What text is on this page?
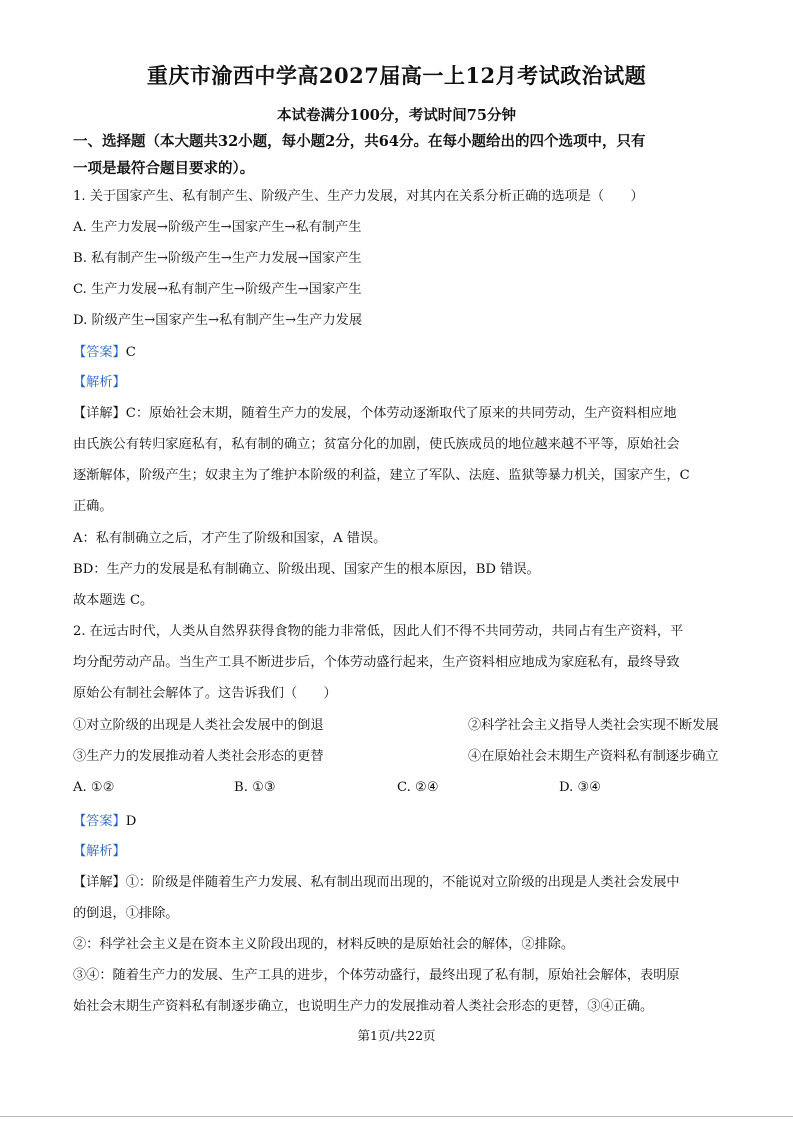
重庆市渝西中学高2027届高一上12月考试政治试题
本试卷满分100分，考试时间75分钟
一、选择题（本大题共32小题，每小题2分，共64分。在每小题给出的四个选项中，只有
一项是最符合题目要求的）。
1. 关于国家产生、私有制产生、阶级产生、生产力发展，对其内在关系分析正确的选项是（　　）
A. 生产力发展→阶级产生→国家产生→私有制产生
B. 私有制产生→阶级产生→生产力发展→国家产生
C. 生产力发展→私有制产生→阶级产生→国家产生
D. 阶级产生→国家产生→私有制产生→生产力发展
【答案】C
【解析】
【详解】C：原始社会末期，随着生产力的发展，个体劳动逐渐取代了原来的共同劳动，生产资料相应地
由氏族公有转归家庭私有，私有制的确立；贫富分化的加剧，使氏族成员的地位越来越不平等，原始社会
逐渐解体，阶级产生；奴隶主为了维护本阶级的利益，建立了军队、法庭、监狱等暴力机关，国家产生，C
正确。
A：私有制确立之后，才产生了阶级和国家，A 错误。
BD：生产力的发展是私有制确立、阶级出现、国家产生的根本原因，BD 错误。
故本题选 C。
2. 在远古时代，人类从自然界获得食物的能力非常低，因此人们不得不共同劳动，共同占有生产资料，平
均分配劳动产品。当生产工具不断进步后，个体劳动盛行起来，生产资料相应地成为家庭私有，最终导致
原始公有制社会解体了。这告诉我们（　　）
①对立阶级的出现是人类社会发展中的倒退	②科学社会主义指导人类社会实现不断发展
③生产力的发展推动着人类社会形态的更替	④在原始社会末期生产资料私有制逐步确立
A. ①②	B. ①③	C. ②④	D. ③④
【答案】D
【解析】
【详解】①：阶级是伴随着生产力发展、私有制出现而出现的，不能说对立阶级的出现是人类社会发展中
的倒退，①排除。
②：科学社会主义是在资本主义阶段出现的，材料反映的是原始社会的解体，②排除。
③④：随着生产力的发展、生产工具的进步，个体劳动盛行，最终出现了私有制，原始社会解体，表明原
始社会末期生产资料私有制逐步确立，也说明生产力的发展推动着人类社会形态的更替，③④正确。
第1页/共22页
